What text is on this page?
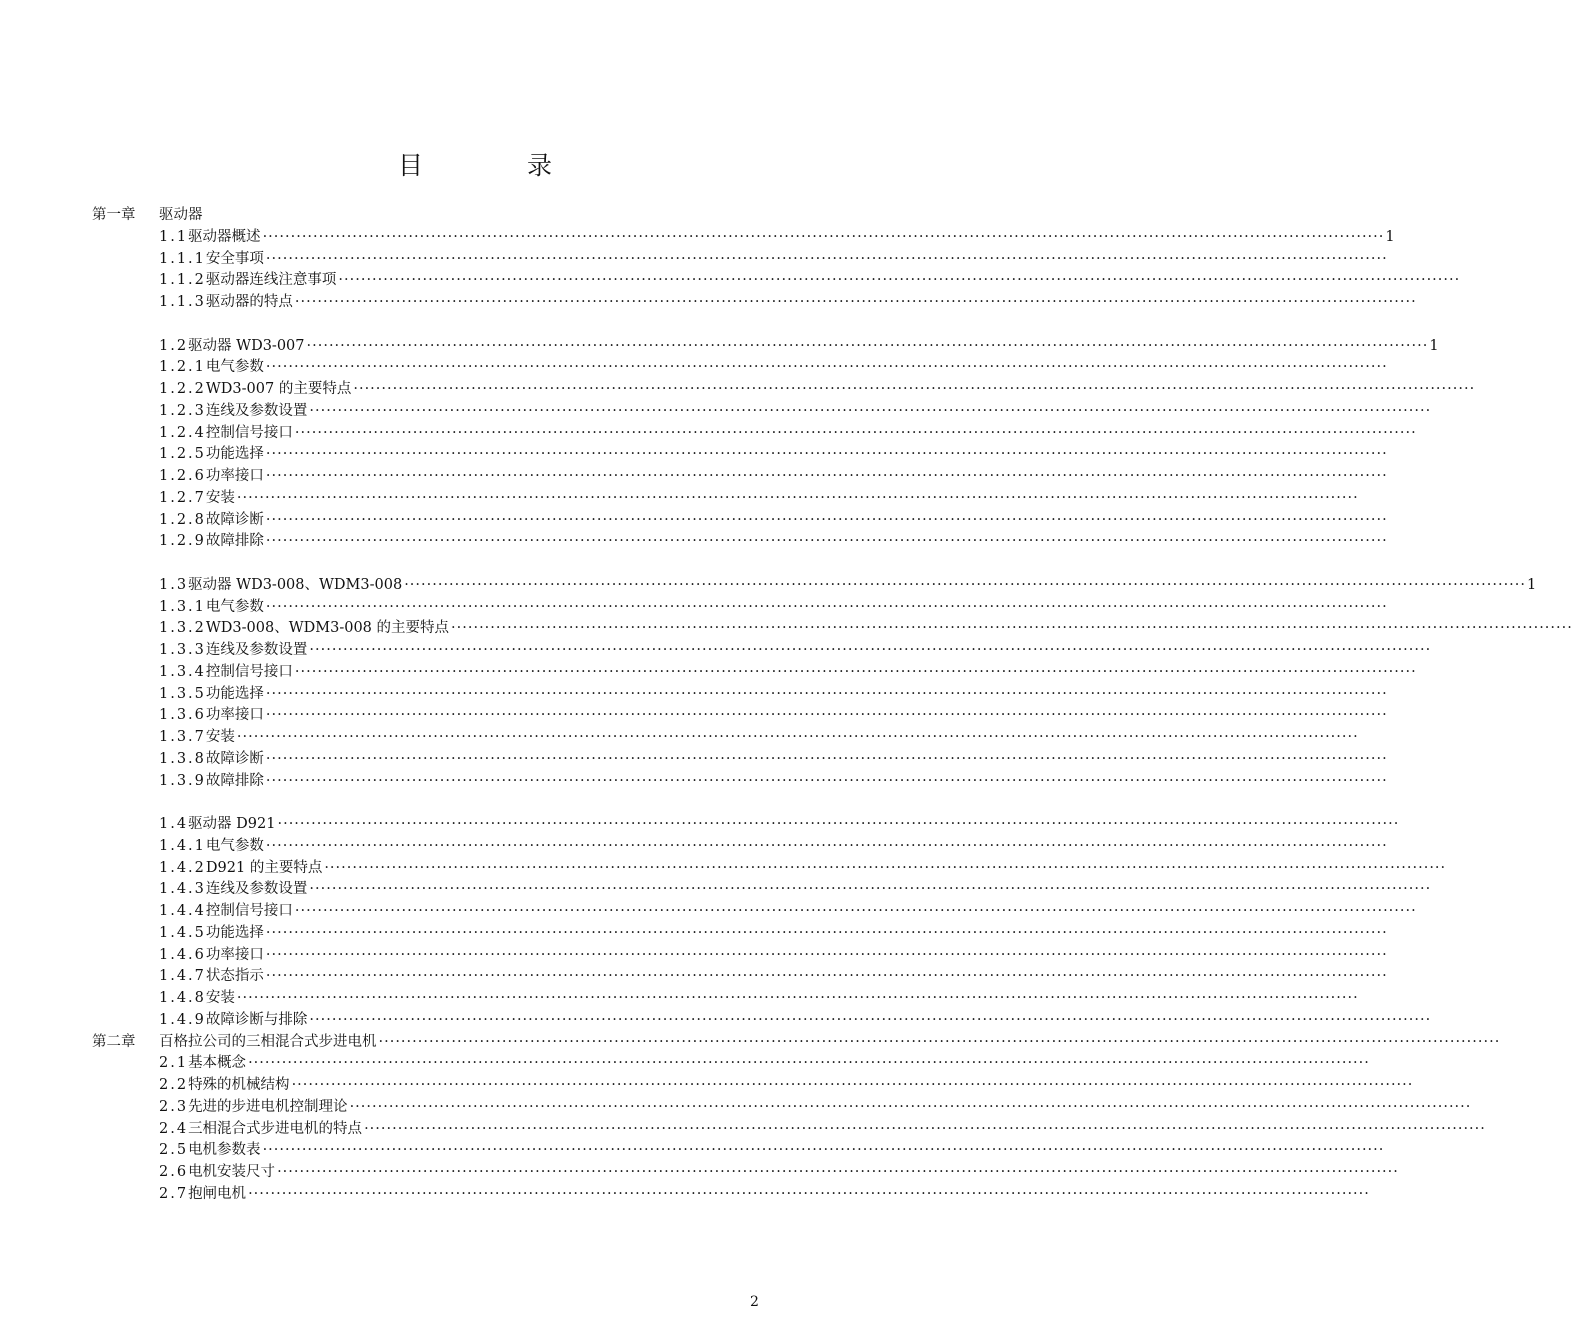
目 录
第一章 驱动器
1.1 驱动器概述 ········································································································································································································ 1
1.1.1 安全事项 ········································································································································································································
1.1.2 驱动器连线注意事项 ········································································································································································································
1.1.3 驱动器的特点 ········································································································································································································
1.2 驱动器 WD3-007 ········································································································································································································ 1
1.2.1 电气参数 ········································································································································································································
1.2.2 WD3-007 的主要特点 ········································································································································································································
1.2.3 连线及参数设置 ········································································································································································································
1.2.4 控制信号接口 ········································································································································································································
1.2.5 功能选择 ········································································································································································································
1.2.6 功率接口 ········································································································································································································
1.2.7 安装 ········································································································································································································
1.2.8 故障诊断 ········································································································································································································
1.2.9 故障排除 ········································································································································································································
1.3 驱动器 WD3-008、WDM3-008 ········································································································································································································ 1
1.3.1 电气参数 ········································································································································································································
1.3.2 WD3-008、WDM3-008 的主要特点 ········································································································································································································
1.3.3 连线及参数设置 ········································································································································································································
1.3.4 控制信号接口 ········································································································································································································
1.3.5 功能选择 ········································································································································································································
1.3.6 功率接口 ········································································································································································································
1.3.7 安装 ········································································································································································································
1.3.8 故障诊断 ········································································································································································································
1.3.9 故障排除 ········································································································································································································
1.4 驱动器 D921 ········································································································································································································
1.4.1 电气参数 ········································································································································································································
1.4.2 D921 的主要特点 ········································································································································································································
1.4.3 连线及参数设置 ········································································································································································································
1.4.4 控制信号接口 ········································································································································································································
1.4.5 功能选择 ········································································································································································································
1.4.6 功率接口 ········································································································································································································
1.4.7 状态指示 ········································································································································································································
1.4.8 安装 ········································································································································································································
1.4.9 故障诊断与排除 ········································································································································································································
第二章 百格拉公司的三相混合式步进电机 ········································································································································································································
2.1 基本概念 ········································································································································································································
2.2 特殊的机械结构 ········································································································································································································
2.3 先进的步进电机控制理论 ········································································································································································································
2.4 三相混合式步进电机的特点 ········································································································································································································
2.5 电机参数表 ········································································································································································································
2.6 电机安装尺寸 ········································································································································································································
2.7 抱闸电机 ········································································································································································································
2
